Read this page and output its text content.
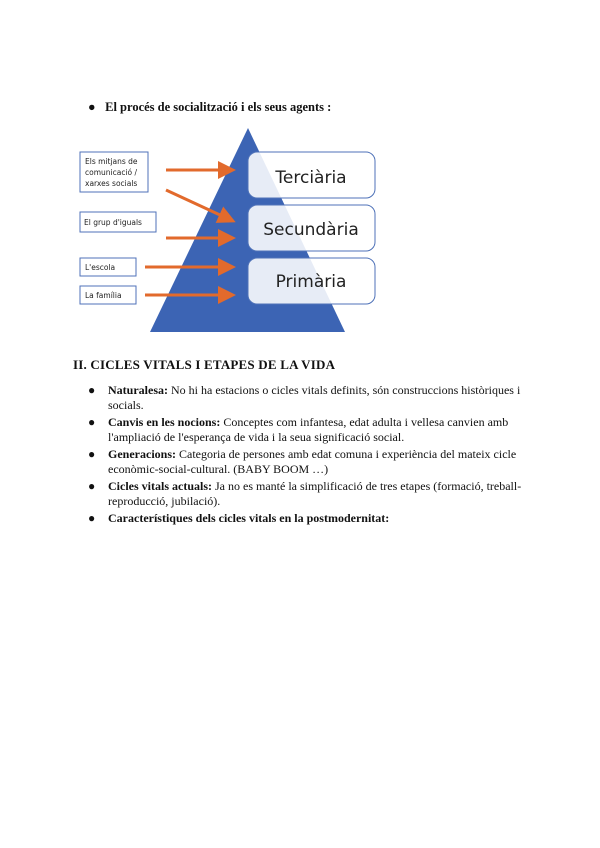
● El procés de socialització i els seus agents :
Terciària
Secundària
Primària
Els mitjans de
comunicació /
xarxes socials
El grup d'iguals
L'escola
La família
II. CICLES VITALS I ETAPES DE LA VIDA
● Naturalesa: No hi ha estacions o cicles vitals definits, són construccions històriques i socials.
● Canvis en les nocions: Conceptes com infantesa, edat adulta i vellesa canvien amb l'ampliació de l'esperança de vida i la seua significació social.
● Generacions: Categoria de persones amb edat comuna i experiència del mateix cicle econòmic-social-cultural. (BABY BOOM …)
● Cicles vitals actuals: Ja no es manté la simplificació de tres etapes (formació, treball-reproducció, jubilació).
● Característiques dels cicles vitals en la postmodernitat:
